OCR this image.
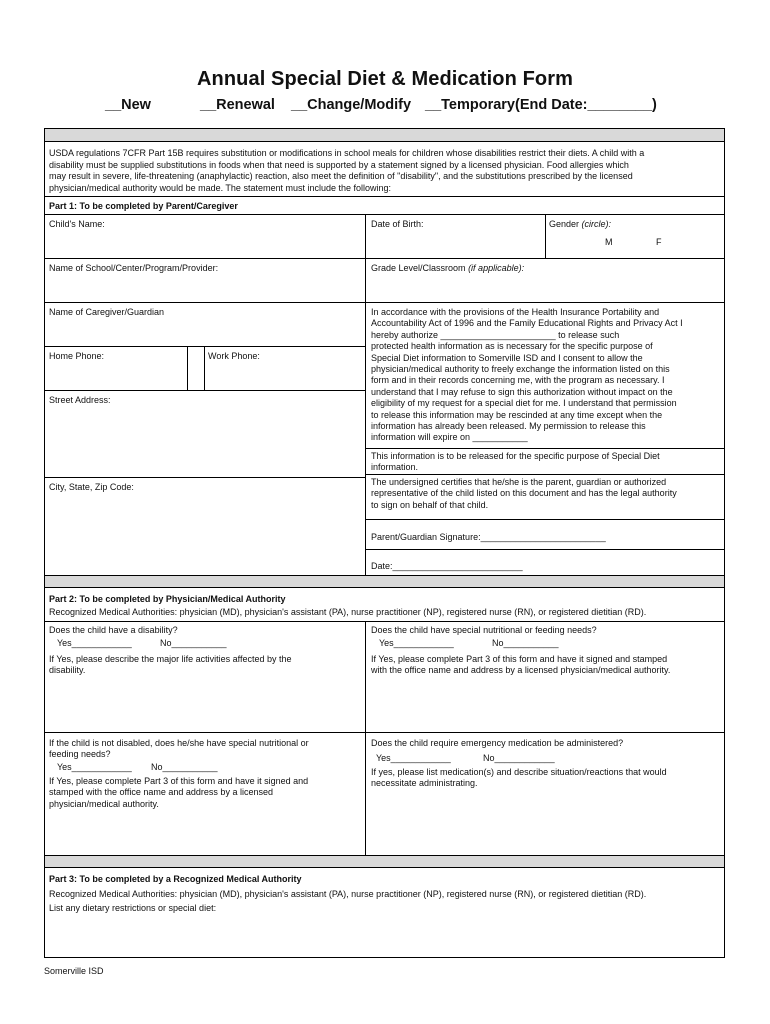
Annual Special Diet & Medication Form
__New	__Renewal __Change/Modify __Temporary(End Date:________)
USDA regulations 7CFR Part 15B requires substitution or modifications in school meals for children whose disabilities restrict their diets. A child with a
disability must be supplied substitutions in foods when that need is supported by a statement signed by a licensed physician. Food allergies which
may result in severe, life-threatening (anaphylactic) reaction, also meet the definition of "disability", and the substitutions prescribed by the licensed
physician/medical authority would be made. The statement must include the following:
Part 1: To be completed by Parent/Caregiver
Child's Name:	Date of Birth:	Gender (circle):
M	F
Name of School/Center/Program/Provider:	Grade Level/Classroom (if applicable):
Name of Caregiver/Guardian
Home Phone:	Work Phone:
Street Address:
City, State, Zip Code:
In accordance with the provisions of the Health Insurance Portability and
Accountability Act of 1996 and the Family Educational Rights and Privacy Act I
hereby authorize _______________________ to release such
protected health information as is necessary for the specific purpose of
Special Diet information to Somerville ISD and I consent to allow the
physician/medical authority to freely exchange the information listed on this
form and in their records concerning me, with the program as necessary. I
understand that I may refuse to sign this authorization without impact on the
eligibility of my request for a special diet for me. I understand that permission
to release this information may be rescinded at any time except when the
information has already been released. My permission to release this
information will expire on ___________
This information is to be released for the specific purpose of Special Diet
information.
The undersigned certifies that he/she is the parent, guardian or authorized
representative of the child listed on this document and has the legal authority
to sign on behalf of that child.
Parent/Guardian Signature:_________________________
Date:__________________________
Part 2: To be completed by Physician/Medical Authority
Recognized Medical Authorities: physician (MD), physician's assistant (PA), nurse practitioner (NP), registered nurse (RN), or registered dietitian (RD).
Does the child have a disability?
Yes____________	No___________
If Yes, please describe the major life activities affected by the
disability.
Does the child have special nutritional or feeding needs?
Yes____________	No___________
If Yes, please complete Part 3 of this form and have it signed and stamped
with the office name and address by a licensed physician/medical authority.
If the child is not disabled, does he/she have special nutritional or
feeding needs?
Yes____________ No___________
If Yes, please complete Part 3 of this form and have it signed and
stamped with the office name and address by a licensed
physician/medical authority.
Does the child require emergency medication be administered?
Yes____________	No____________
If yes, please list medication(s) and describe situation/reactions that would
necessitate administrating.
Part 3: To be completed by a Recognized Medical Authority
Recognized Medical Authorities: physician (MD), physician's assistant (PA), nurse practitioner (NP), registered nurse (RN), or registered dietitian (RD).
List any dietary restrictions or special diet:
Somerville ISD
